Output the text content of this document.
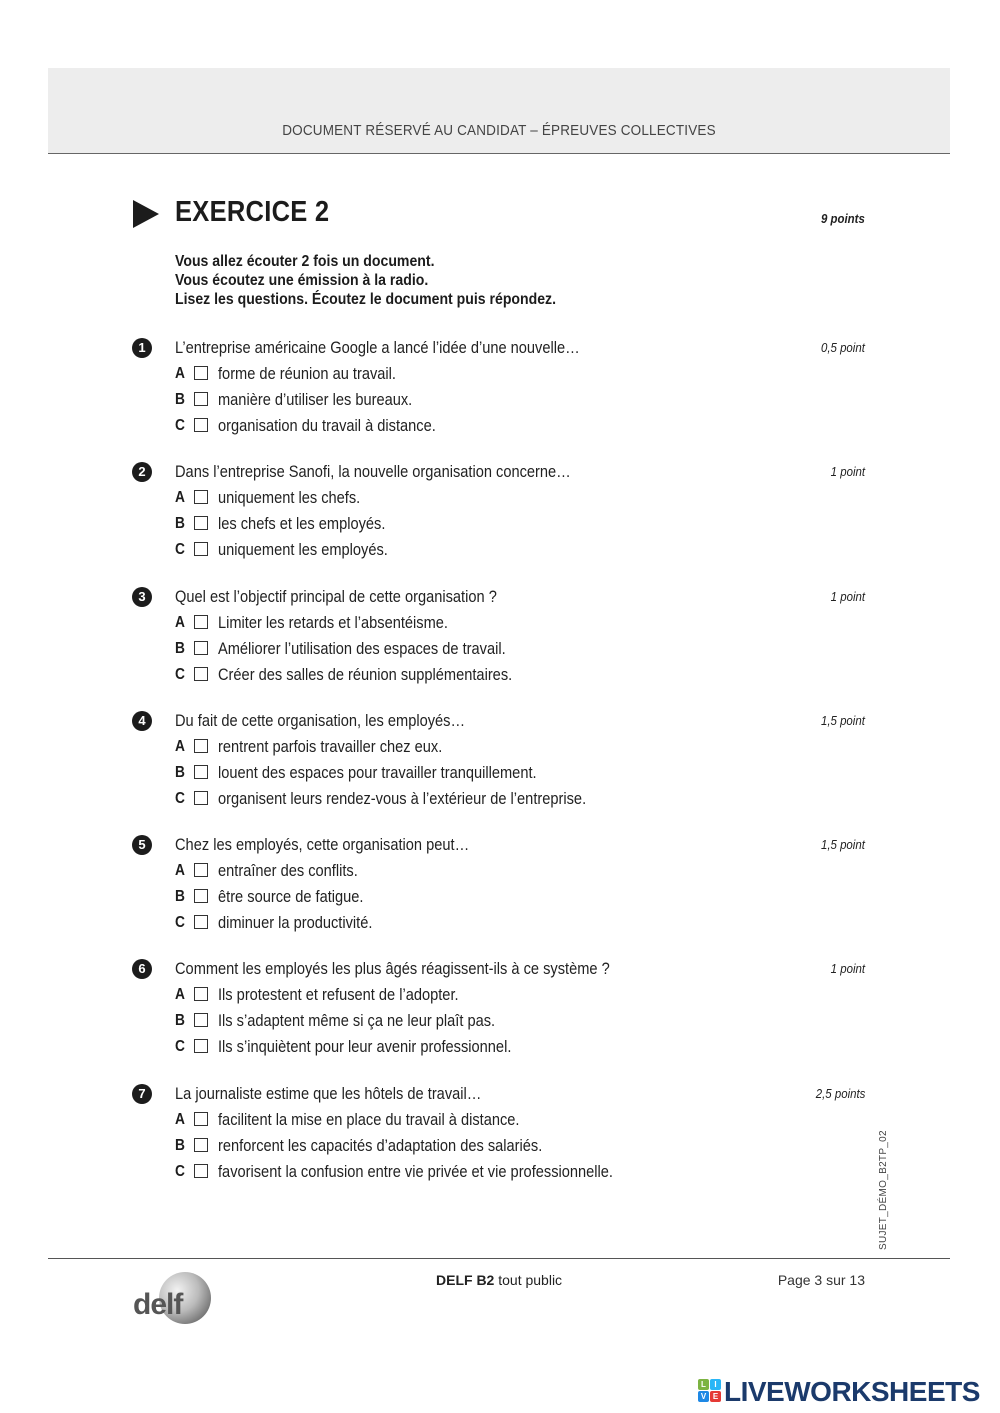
DOCUMENT RÉSERVÉ AU CANDIDAT – ÉPREUVES COLLECTIVES
EXERCICE 2	9 points
Vous allez écouter 2 fois un document.
Vous écoutez une émission à la radio.
Lisez les questions. Écoutez le document puis répondez.
1	L’entreprise américaine Google a lancé l’idée d’une nouvelle…	0,5 point
A forme de réunion au travail.
B manière d’utiliser les bureaux.
C organisation du travail à distance.
2	Dans l’entreprise Sanofi, la nouvelle organisation concerne…	1 point
A uniquement les chefs.
B les chefs et les employés.
C uniquement les employés.
3	Quel est l’objectif principal de cette organisation ?	1 point
A Limiter les retards et l’absentéisme.
B Améliorer l’utilisation des espaces de travail.
C Créer des salles de réunion supplémentaires.
4	Du fait de cette organisation, les employés…	1,5 point
A rentrent parfois travailler chez eux.
B louent des espaces pour travailler tranquillement.
C organisent leurs rendez-vous à l’extérieur de l’entreprise.
5	Chez les employés, cette organisation peut…	1,5 point
A entraîner des conflits.
B être source de fatigue.
C diminuer la productivité.
6	Comment les employés les plus âgés réagissent-ils à ce système ?	1 point
A Ils protestent et refusent de l’adopter.
B Ils s’adaptent même si ça ne leur plaît pas.
C Ils s’inquiètent pour leur avenir professionnel.
7	La journaliste estime que les hôtels de travail…	2,5 points
A facilitent la mise en place du travail à distance.
B renforcent les capacités d’adaptation des salariés.
C favorisent la confusion entre vie privée et vie professionnelle.	SUJET_DÉMO_B2TP_02
delf
DELF B2 tout public	Page 3 sur 13
L	I
V E LIVEWORKSHEETS
